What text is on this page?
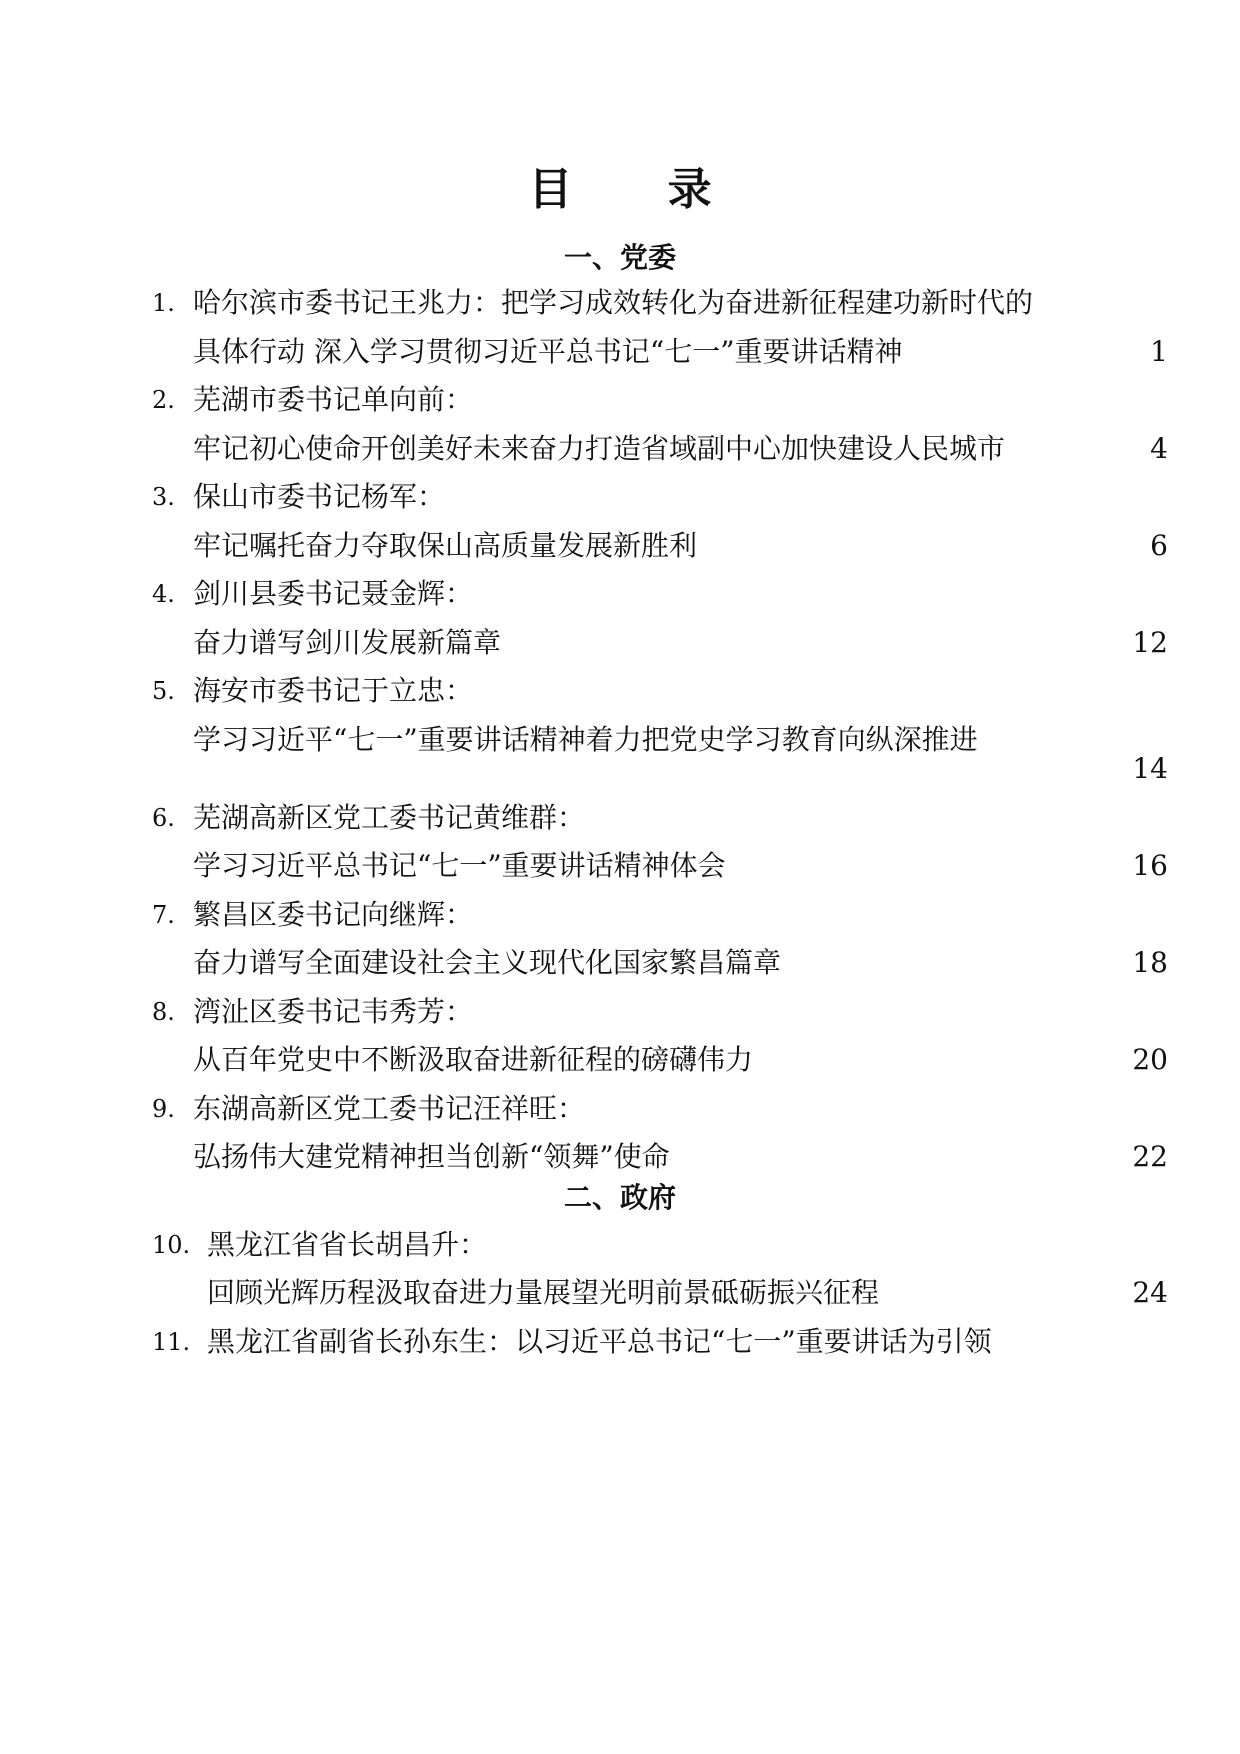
目 录
一、党委
1. 哈尔滨市委书记王兆力：把学习成效转化为奋进新征程建功新时代的
具体行动 深入学习贯彻习近平总书记“七一”重要讲话精神	1
2. 芜湖市委书记单向前：
牢记初心使命开创美好未来奋力打造省域副中心加快建设人民城市	4
3. 保山市委书记杨军：
牢记嘱托奋力夺取保山高质量发展新胜利	6
4. 剑川县委书记聂金辉：
奋力谱写剑川发展新篇章	12
5. 海安市委书记于立忠：
学习习近平“七一”重要讲话精神着力把党史学习教育向纵深推进
14
6. 芜湖高新区党工委书记黄维群：
学习习近平总书记“七一”重要讲话精神体会	16
7. 繁昌区委书记向继辉：
奋力谱写全面建设社会主义现代化国家繁昌篇章	18
8. 湾沚区委书记韦秀芳：
从百年党史中不断汲取奋进新征程的磅礴伟力	20
9. 东湖高新区党工委书记汪祥旺：
弘扬伟大建党精神担当创新“领舞”使命	22
二、政府
10. 黑龙江省省长胡昌升：
回顾光辉历程汲取奋进力量展望光明前景砥砺振兴征程	24
11. 黑龙江省副省长孙东生：以习近平总书记“七一”重要讲话为引领
